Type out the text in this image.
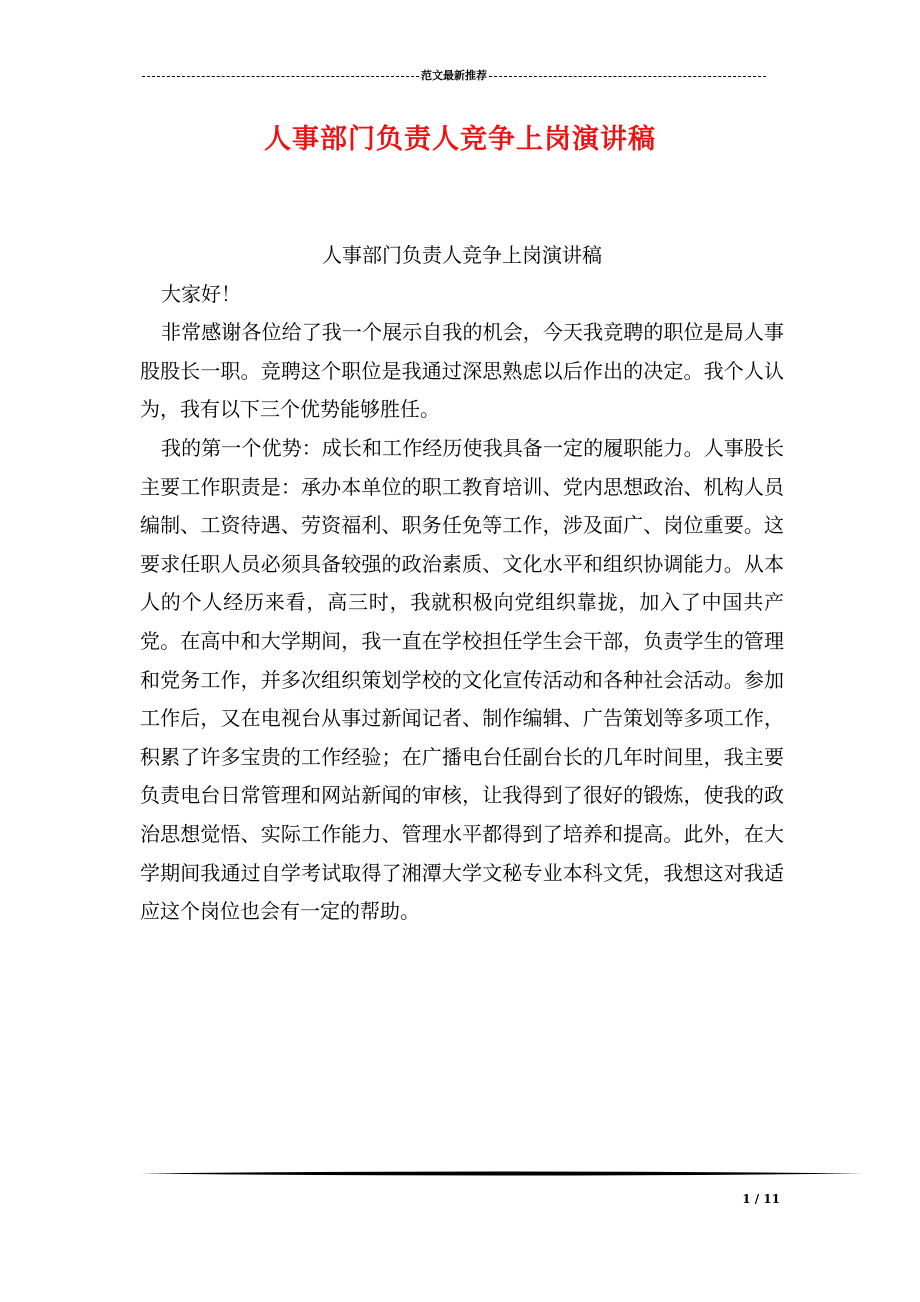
范文最新推荐
人事部门负责人竞争上岗演讲稿

人事部门负责人竞争上岗演讲稿

大家好！

非常感谢各位给了我一个展示自我的机会，今天我竞聘的职位是局人事股股长一职。竞聘这个职位是我通过深思熟虑以后作出的决定。我个人认为，我有以下三个优势能够胜任。

我的第一个优势：成长和工作经历使我具备一定的履职能力。人事股长主要工作职责是：承办本单位的职工教育培训、党内思想政治、机构人员编制、工资待遇、劳资福利、职务任免等工作，涉及面广、岗位重要。这要求任职人员必须具备较强的政治素质、文化水平和组织协调能力。从本人的个人经历来看，高三时，我就积极向党组织靠拢，加入了中国共产党。在高中和大学期间，我一直在学校担任学生会干部，负责学生的管理和党务工作，并多次组织策划学校的文化宣传活动和各种社会活动。参加工作后，又在电视台从事过新闻记者、制作编辑、广告策划等多项工作，积累了许多宝贵的工作经验；在广播电台任副台长的几年时间里，我主要负责电台日常管理和网站新闻的审核，让我得到了很好的锻炼，使我的政治思想觉悟、实际工作能力、管理水平都得到了培养和提高。此外，在大学期间我通过自学考试取得了湘潭大学文秘专业本科文凭，我想这对我适应这个岗位也会有一定的帮助。

1 / 11
